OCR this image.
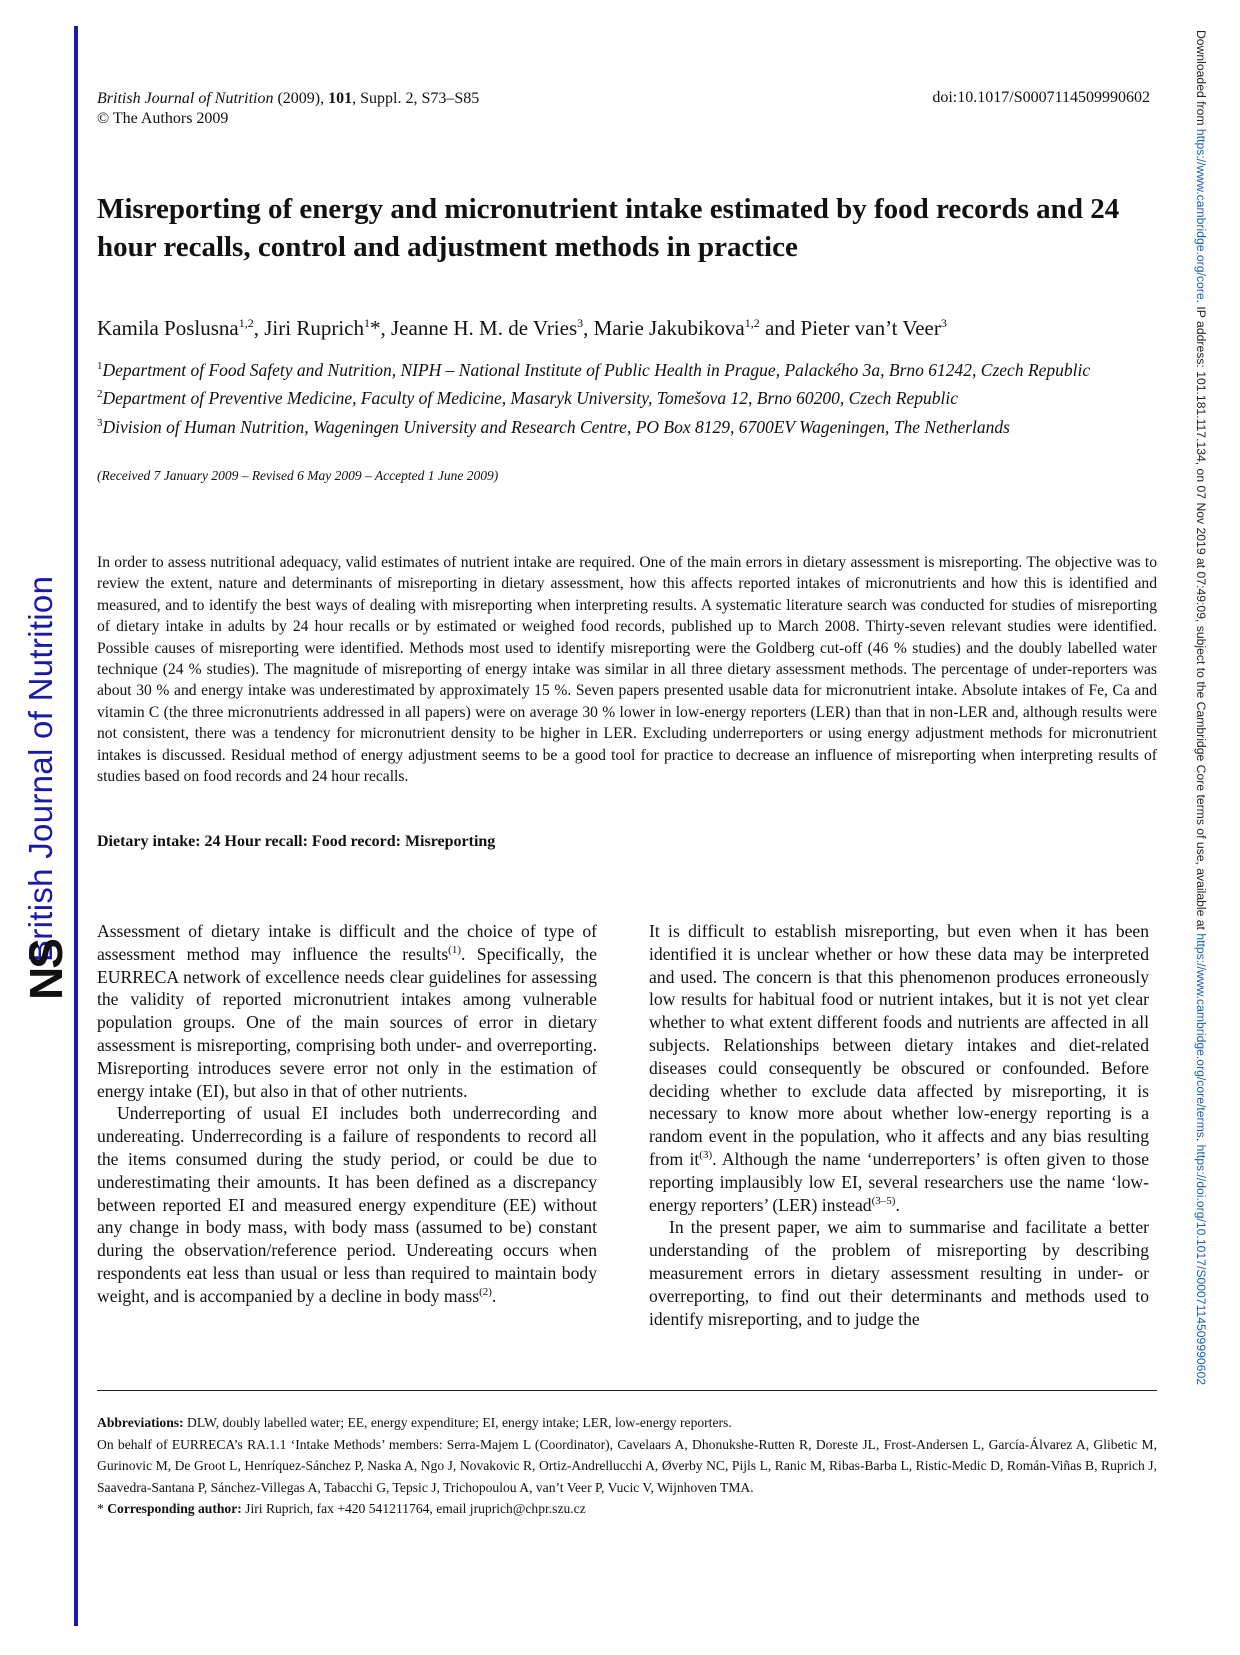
British Journal of Nutrition
NS
Downloaded from https://www.cambridge.org/core. IP address: 101.181.117.134, on 07 Nov 2019 at 07:49:09, subject to the Cambridge Core terms of use, available at https://www.cambridge.org/core/terms. https://doi.org/10.1017/S0007114509990602
British Journal of Nutrition (2009), 101, Suppl. 2, S73–S85
© The Authors 2009
doi:10.1017/S0007114509990602
Misreporting of energy and micronutrient intake estimated by food records and 24 hour recalls, control and adjustment methods in practice
Kamila Poslusna$^{1,2}$, Jiri Ruprich$^1$*, Jeanne H. M. de Vries$^3$, Marie Jakubikova$^{1,2}$ and Pieter van’t Veer$^3$
$^1$Department of Food Safety and Nutrition, NIPH – National Institute of Public Health in Prague, Palackého 3a, Brno 61242, Czech Republic
$^2$Department of Preventive Medicine, Faculty of Medicine, Masaryk University, Tomešova 12, Brno 60200, Czech Republic
$^3$Division of Human Nutrition, Wageningen University and Research Centre, PO Box 8129, 6700EV Wageningen, The Netherlands
(Received 7 January 2009 – Revised 6 May 2009 – Accepted 1 June 2009)

In order to assess nutritional adequacy, valid estimates of nutrient intake are required. One of the main errors in dietary assessment is misreporting. The objective was to review the extent, nature and determinants of misreporting in dietary assessment, how this affects reported intakes of micronutrients and how this is identified and measured, and to identify the best ways of dealing with misreporting when interpreting results. A systematic literature search was conducted for studies of misreporting of dietary intake in adults by 24 hour recalls or by estimated or weighed food records, published up to March 2008. Thirty-seven relevant studies were identified. Possible causes of misreporting were identified. Methods most used to identify misreporting were the Goldberg cut-off (46 % studies) and the doubly labelled water technique (24 % studies). The magnitude of misreporting of energy intake was similar in all three dietary assessment methods. The percentage of under-reporters was about 30 % and energy intake was underestimated by approximately 15 %. Seven papers presented usable data for micronutrient intake. Absolute intakes of Fe, Ca and vitamin C (the three micronutrients addressed in all papers) were on average 30 % lower in low-energy reporters (LER) than that in non-LER and, although results were not consistent, there was a tendency for micronutrient density to be higher in LER. Excluding underreporters or using energy adjustment methods for micronutrient intakes is discussed. Residual method of energy adjustment seems to be a good tool for practice to decrease an influence of misreporting when interpreting results of studies based on food records and 24 hour recalls.

Dietary intake: 24 Hour recall: Food record: Misreporting

Assessment of dietary intake is difficult and the choice of type of assessment method may influence the results$^{(1)}$. Specifically, the EURRECA network of excellence needs clear guidelines for assessing the validity of reported micronutrient intakes among vulnerable population groups. One of the main sources of error in dietary assessment is misreporting, comprising both under- and overreporting. Misreporting introduces severe error not only in the estimation of energy intake (EI), but also in that of other nutrients.

Underreporting of usual EI includes both underrecording and undereating. Underrecording is a failure of respondents to record all the items consumed during the study period, or could be due to underestimating their amounts. It has been defined as a discrepancy between reported EI and measured energy expenditure (EE) without any change in body mass, with body mass (assumed to be) constant during the observation/reference period. Undereating occurs when respondents eat less than usual or less than required to maintain body weight, and is accompanied by a decline in body mass$^{(2)}$.

It is difficult to establish misreporting, but even when it has been identified it is unclear whether or how these data may be interpreted and used. The concern is that this phenomenon produces erroneously low results for habitual food or nutrient intakes, but it is not yet clear whether to what extent different foods and nutrients are affected in all subjects. Relationships between dietary intakes and diet-related diseases could consequently be obscured or confounded. Before deciding whether to exclude data affected by misreporting, it is necessary to know more about whether low-energy reporting is a random event in the population, who it affects and any bias resulting from $it^{(3)}$. Although the name ‘underreporters’ is often given to those reporting implausibly low EI, several researchers use the name ‘low-energy reporters’ (LER) instead$^{(3-5)}$.

In the present paper, we aim to summarise and facilitate a better understanding of the problem of misreporting by describing measurement errors in dietary assessment resulting in under- or overreporting, to find out their determinants and methods used to identify misreporting, and to judge the

Abbreviations: DLW, doubly labelled water; EE, energy expenditure; EI, energy intake; LER, low-energy reporters.

On behalf of EURRECA’s RA.1.1 ‘Intake Methods’ members: Serra-Majem L (Coordinator), Cavelaars A, Dhonukshe-Rutten R, Doreste JL, Frost-Andersen L, García-Álvarez A, Glibetic M, Gurinovic M, De Groot L, Henríquez-Sánchez P, Naska A, Ngo J, Novakovic R, Ortiz-Andrellucchi A, Øverby NC, Pijls L, Ranic M, Ribas-Barba L, Ristic-Medic D, Román-Viñas B, Ruprich J, Saavedra-Santana P, Sánchez-Villegas A, Tabacchi G, Tepsic J, Trichopoulou A, van’t Veer P, Vucic V, Wijnhoven TMA.

* Corresponding author: Jiri Ruprich, fax +420 541211764, email jruprich@chpr.szu.cz
